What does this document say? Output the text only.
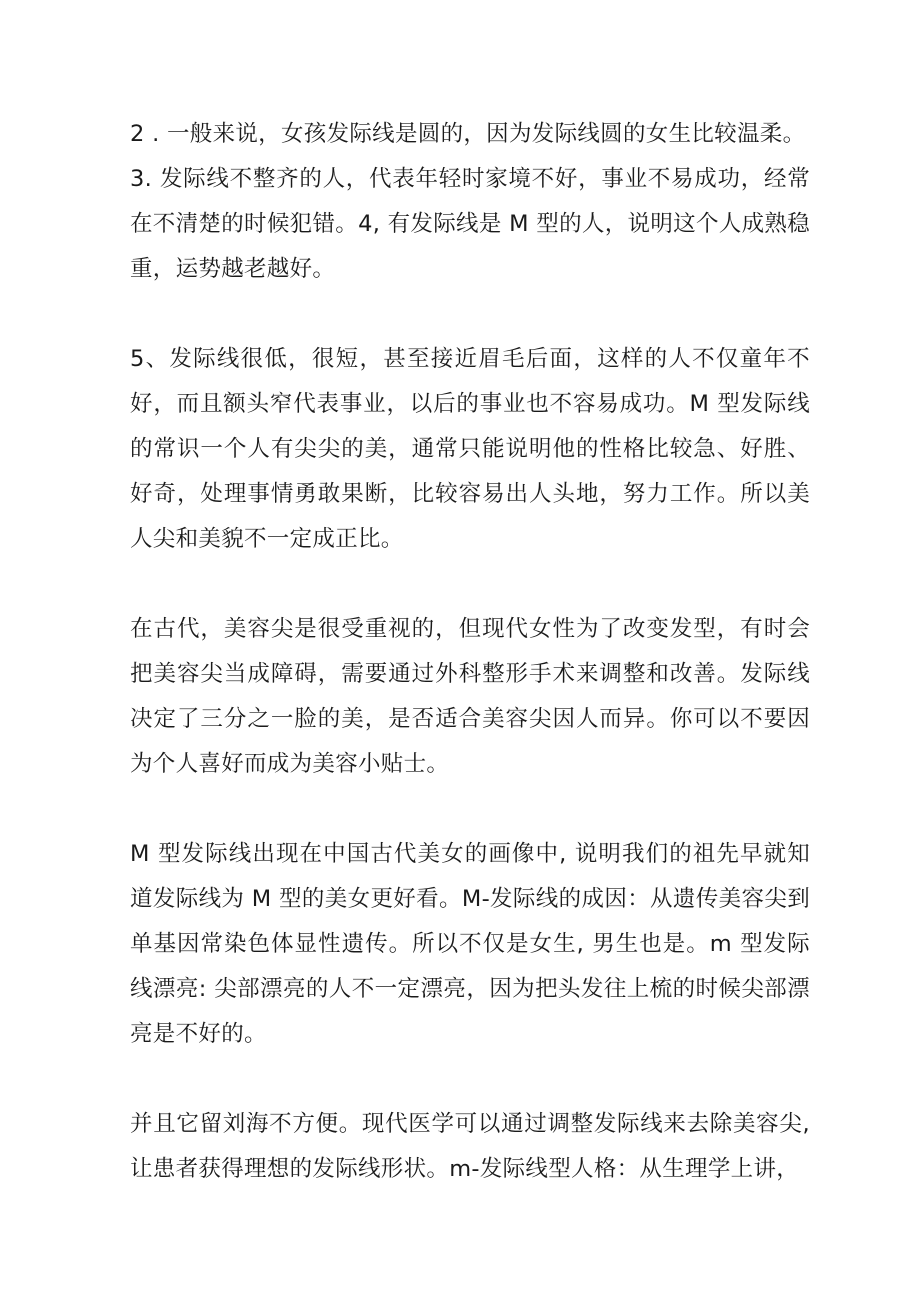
2 . 一般来说，女孩发际线是圆的，因为发际线圆的女生比较温柔。

3. 发际线不整齐的人，代表年轻时家境不好，事业不易成功，经常在不清楚的时候犯错。4, 有发际线是 M 型的人，说明这个人成熟稳重，运势越老越好。

5、发际线很低，很短，甚至接近眉毛后面，这样的人不仅童年不好，而且额头窄代表事业，以后的事业也不容易成功。M 型发际线的常识一个人有尖尖的美，通常只能说明他的性格比较急、好胜、好奇，处理事情勇敢果断，比较容易出人头地，努力工作。所以美人尖和美貌不一定成正比。

在古代，美容尖是很受重视的，但现代女性为了改变发型，有时会把美容尖当成障碍，需要通过外科整形手术来调整和改善。发际线决定了三分之一脸的美，是否适合美容尖因人而异。你可以不要因为个人喜好而成为美容小贴士。

M 型发际线出现在中国古代美女的画像中, 说明我们的祖先早就知道发际线为 M 型的美女更好看。M-发际线的成因：从遗传美容尖到单基因常染色体显性遗传。所以不仅是女生, 男生也是。m 型发际线漂亮: 尖部漂亮的人不一定漂亮，因为把头发往上梳的时候尖部漂亮是不好的。

并且它留刘海不方便。现代医学可以通过调整发际线来去除美容尖, 让患者获得理想的发际线形状。m-发际线型人格：从生理学上讲，
